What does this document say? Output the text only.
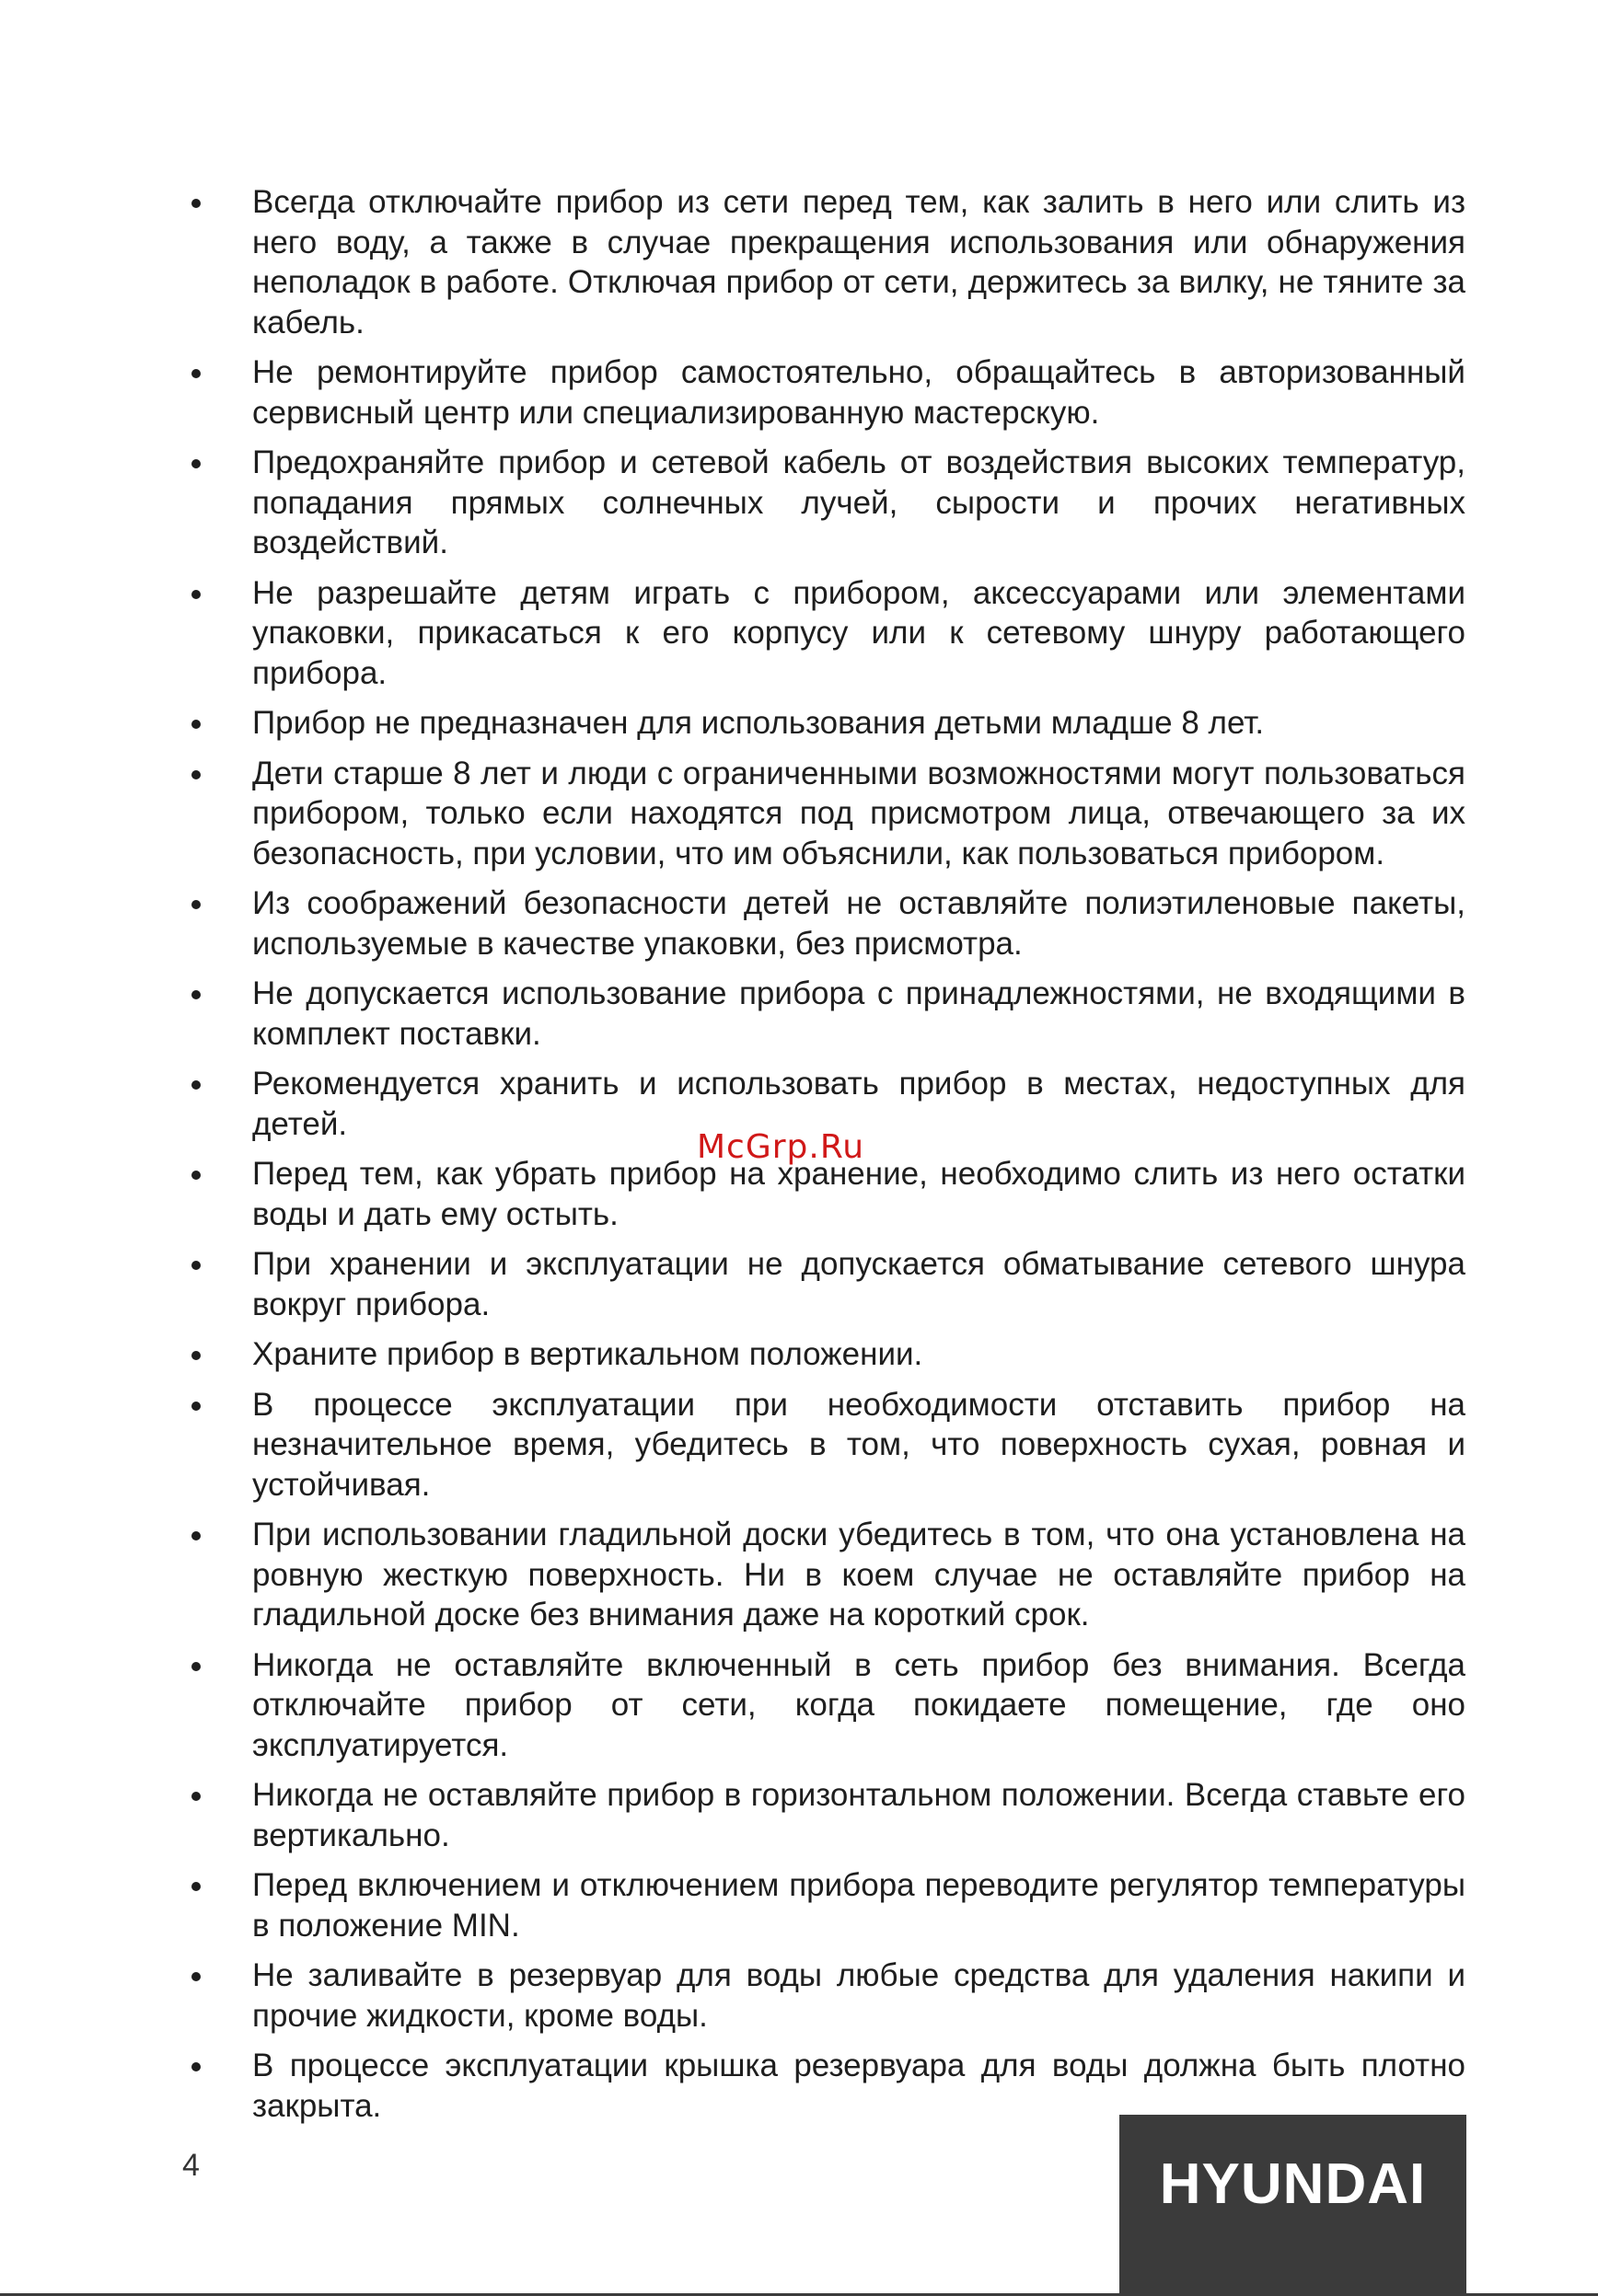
Всегда отключайте прибор из сети перед тем, как залить в него или слить из него воду, а также в случае прекращения использования или обнаружения неполадок в работе. Отключая прибор от сети, держитесь за вилку, не тяните за кабель.
Не ремонтируйте прибор самостоятельно, обращайтесь в авторизованный сервисный центр или специализированную мастерскую.
Предохраняйте прибор и сетевой кабель от воздействия высоких температур, попадания прямых солнечных лучей, сырости и прочих негативных воздействий.
Не разрешайте детям играть с прибором, аксессуарами или элементами упаковки, прикасаться к его корпусу или к сетевому шнуру работающего прибора.
Прибор не предназначен для использования детьми младше 8 лет.
Дети старше 8 лет и люди с ограниченными возможностями могут пользоваться прибором, только если находятся под присмотром лица, отвечающего за их безопасность, при условии, что им объяснили, как пользоваться прибором.
Из соображений безопасности детей не оставляйте полиэтиленовые пакеты, используемые в качестве упаковки, без присмотра.
Не допускается использование прибора с принадлежностями, не входящими в комплект поставки.
Рекомендуется хранить и использовать прибор в местах, недоступных для детей.
Перед тем, как убрать прибор на хранение, необходимо слить из него остатки воды и дать ему остыть.
При хранении и эксплуатации не допускается обматывание сетевого шнура вокруг прибора.
Храните прибор в вертикальном положении.
В процессе эксплуатации при необходимости отставить прибор на незначительное время, убедитесь в том, что поверхность сухая, ровная и устойчивая.
При использовании гладильной доски убедитесь в том, что она установлена на ровную жесткую поверхность. Ни в коем случае не оставляйте прибор на гладильной доске без внимания даже на короткий срок.
Никогда не оставляйте включенный в сеть прибор без внимания. Всегда отключайте прибор от сети, когда покидаете помещение, где оно эксплуатируется.
Никогда не оставляйте прибор в горизонтальном положении. Всегда ставьте его вертикально.
Перед включением и отключением прибора переводите регулятор температуры в положение MIN.
Не заливайте в резервуар для воды любые средства для удаления накипи и прочие жидкости, кроме воды.
В процессе эксплуатации крышка резервуара для воды должна быть плотно закрыта.
McGrp.Ru
4	HYUNDAI
